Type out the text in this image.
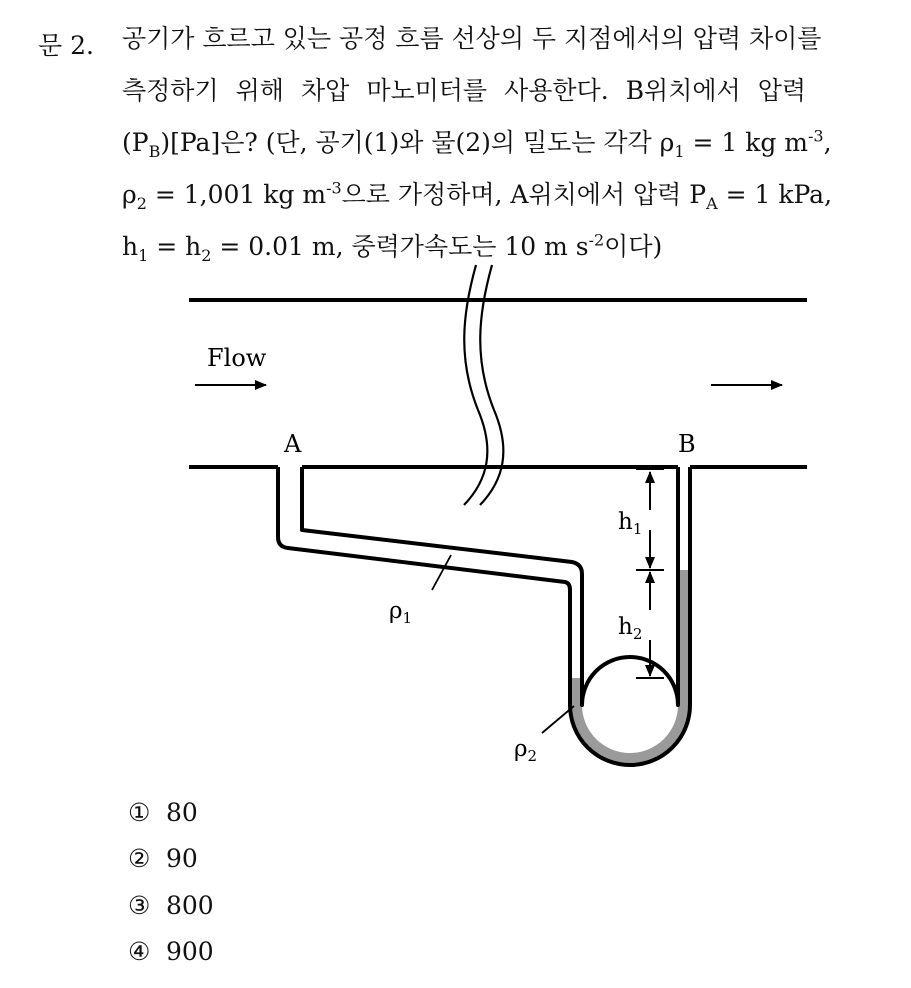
문 2. 공기가 흐르고 있는 공정 흐름 선상의 두 지점에서의 압력 차이를
측정하기 위해 차압 마노미터를 사용한다. B위치에서 압력
$(P_B)[Pa]$은? (단, 공기(1)와 물(2)의 밀도는 각각 $\rho_1 = 1$ kg $m^{-3}$,
$\rho_2 = 1,001$ kg $m^{-3}$으로 가정하며, A위치에서 압력 $P_A = 1$ kPa,
$h_1 = h_2 = 0.01$ m, 중력가속도는 10 m $s^{-2}$이다)
Flow
A	B
$h_1$
$h_2$
$\rho_1$
$\rho_2$
① 80
② 90
③ 800
④ 900
